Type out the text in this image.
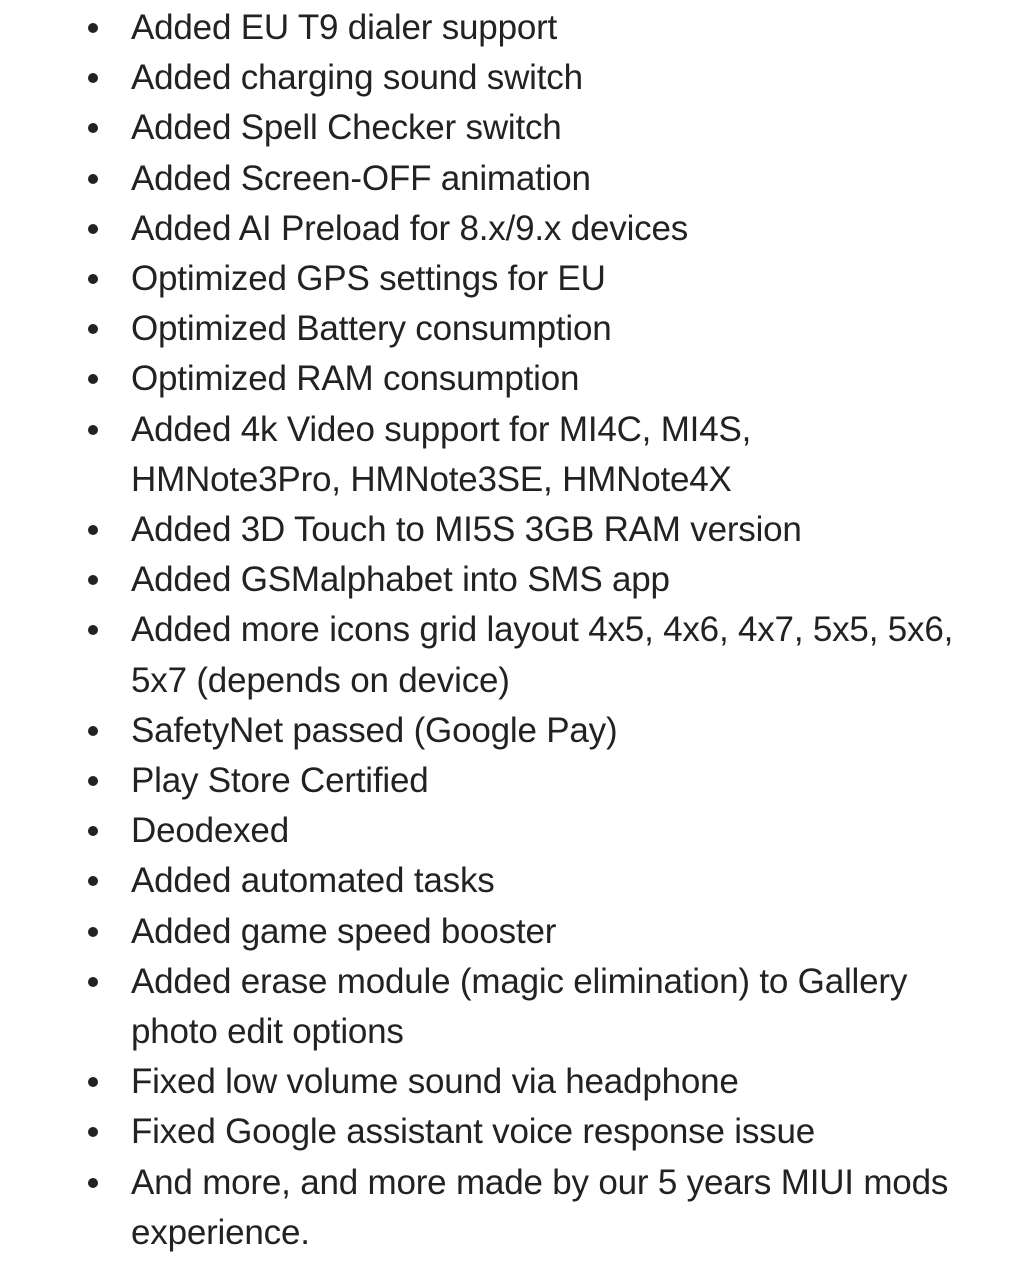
Added EU T9 dialer support
Added charging sound switch
Added Spell Checker switch
Added Screen-OFF animation
Added AI Preload for 8.x/9.x devices
Optimized GPS settings for EU
Optimized Battery consumption
Optimized RAM consumption
Added 4k Video support for MI4C, MI4S,
HMNote3Pro, HMNote3SE, HMNote4X
Added 3D Touch to MI5S 3GB RAM version
Added GSMalphabet into SMS app
Added more icons grid layout 4x5, 4x6, 4x7, 5x5, 5x6,
5x7 (depends on device)
SafetyNet passed (Google Pay)
Play Store Certified
Deodexed
Added automated tasks
Added game speed booster
Added erase module (magic elimination) to Gallery
photo edit options
Fixed low volume sound via headphone
Fixed Google assistant voice response issue
And more, and more made by our 5 years MIUI mods
experience.
